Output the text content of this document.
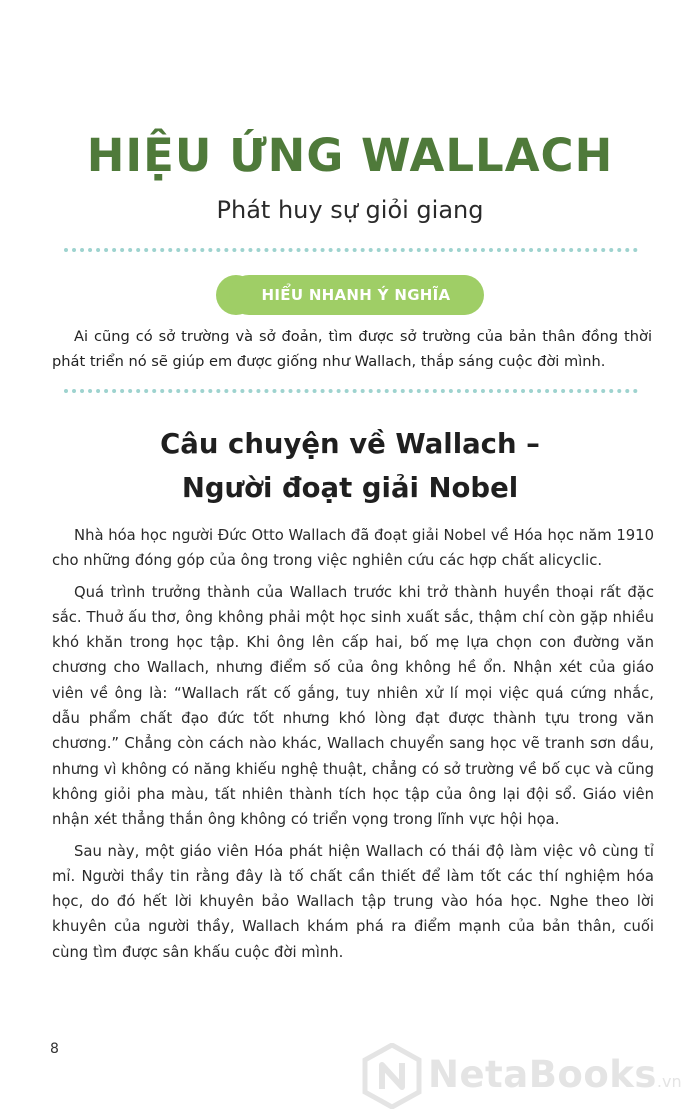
HIỆU ỨNG WALLACH
Phát huy sự giỏi giang
HIỂU NHANH Ý NGHĨA
Ai cũng có sở trường và sở đoản, tìm được sở trường của bản thân đồng thời phát triển nó sẽ giúp em được giống như Wallach, thắp sáng cuộc đời mình.
Câu chuyện về Wallach –
Người đoạt giải Nobel

Nhà hóa học người Đức Otto Wallach đã đoạt giải Nobel về Hóa học năm 1910 cho những đóng góp của ông trong việc nghiên cứu các hợp chất alicyclic.

Quá trình trưởng thành của Wallach trước khi trở thành huyền thoại rất đặc sắc. Thuở ấu thơ, ông không phải một học sinh xuất sắc, thậm chí còn gặp nhiều khó khăn trong học tập. Khi ông lên cấp hai, bố mẹ lựa chọn con đường văn chương cho Wallach, nhưng điểm số của ông không hề ổn. Nhận xét của giáo viên về ông là: “Wallach rất cố gắng, tuy nhiên xử lí mọi việc quá cứng nhắc, dẫu phẩm chất đạo đức tốt nhưng khó lòng đạt được thành tựu trong văn chương.” Chẳng còn cách nào khác, Wallach chuyển sang học vẽ tranh sơn dầu, nhưng vì không có năng khiếu nghệ thuật, chẳng có sở trường về bố cục và cũng không giỏi pha màu, tất nhiên thành tích học tập của ông lại đội sổ. Giáo viên nhận xét thẳng thắn ông không có triển vọng trong lĩnh vực hội họa.

Sau này, một giáo viên Hóa phát hiện Wallach có thái độ làm việc vô cùng tỉ mỉ. Người thầy tin rằng đây là tố chất cần thiết để làm tốt các thí nghiệm hóa học, do đó hết lời khuyên bảo Wallach tập trung vào hóa học. Nghe theo lời khuyên của người thầy, Wallach khám phá ra điểm mạnh của bản thân, cuối cùng tìm được sân khấu cuộc đời mình.

8
NetaBooks.vn
